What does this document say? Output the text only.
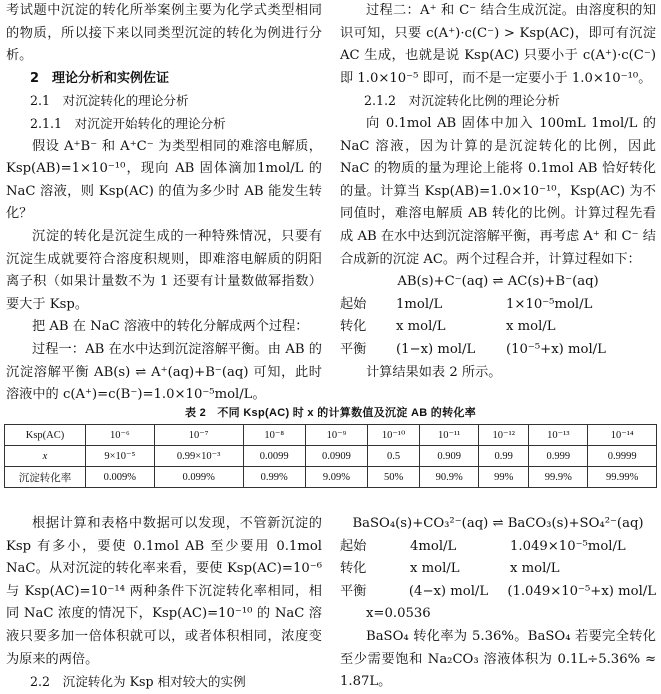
考试题中沉淀的转化所举案例主要为化学式类型相同的物质，所以接下来以同类型沉淀的转化为例进行分析。

2　理论分析和实例佐证

2.1　对沉淀转化的理论分析

2.1.1　对沉淀开始转化的理论分析

假设 A⁺B⁻ 和 A⁺C⁻ 为类型相同的难溶电解质，Ksp(AB)=1×10⁻¹⁰，现向 AB 固体滴加1mol/L 的 NaC 溶液，则 Ksp(AC) 的值为多少时 AB 能发生转化？

沉淀的转化是沉淀生成的一种特殊情况，只要有沉淀生成就要符合溶度积规则，即难溶电解质的阴阳离子积（如果计量数不为 1 还要有计量数做幂指数）要大于 Ksp。

把 AB 在 NaC 溶液中的转化分解成两个过程：

过程一：AB 在水中达到沉淀溶解平衡。由 AB 的沉淀溶解平衡 AB(s) ⇌ A⁺(aq)+B⁻(aq) 可知，此时溶液中的 c(A⁺)=c(B⁻)=1.0×10⁻⁵mol/L。

过程二：A⁺ 和 C⁻ 结合生成沉淀。由溶度积的知识可知，只要 c(A⁺)·c(C⁻) > Ksp(AC)，即可有沉淀 AC 生成，也就是说 Ksp(AC) 只要小于 c(A⁺)·c(C⁻) 即 1.0×10⁻⁵ 即可，而不是一定要小于 1.0×10⁻¹⁰。

2.1.2　对沉淀转化比例的理论分析

向 0.1mol AB 固体中加入 100mL 1mol/L 的 NaC 溶液，因为计算的是沉淀转化的比例，因此 NaC 的物质的量为理论上能将 0.1mol AB 恰好转化的量。计算当 Ksp(AB)=1.0×10⁻¹⁰，Ksp(AC) 为不同值时，难溶电解质 AB 转化的比例。计算过程先看成 AB 在水中达到沉淀溶解平衡，再考虑 A⁺ 和 C⁻ 结合成新的沉淀 AC。两个过程合并，计算过程如下：

AB(s)+C⁻(aq) ⇌ AC(s)+B⁻(aq)

起始	1mol/L	1×10⁻⁵mol/L
转化	x mol/L	x mol/L
平衡	(1−x) mol/L	(10⁻⁵+x) mol/L

计算结果如表 2 所示。

表 2　不同 Ksp(AC) 时 x 的计算数值及沉淀 AB 的转化率
Ksp(AC)	10⁻⁶	10⁻⁷	10⁻⁸	10⁻⁹	10⁻¹⁰	10⁻¹¹	10⁻¹²	10⁻¹³	10⁻¹⁴
x	9×10⁻⁵	0.99×10⁻³	0.0099	0.0909	0.5	0.909	0.99	0.999	0.9999
沉淀转化率	0.009%	0.099%	0.99%	9.09%	50%	90.9%	99%	99.9%	99.99%

根据计算和表格中数据可以发现，不管新沉淀的 Ksp 有多小，要使 0.1mol AB 至少要用 0.1mol NaC。从对沉淀的转化率来看，要使 Ksp(AC)=10⁻⁶ 与 Ksp(AC)=10⁻¹⁴ 两种条件下沉淀转化率相同，相同 NaC 浓度的情况下，Ksp(AC)=10⁻¹⁰ 的 NaC 溶液只要多加一倍体积就可以，或者体积相同，浓度变为原来的两倍。

2.2　沉淀转化为 Ksp 相对较大的实例

BaSO₄(s)+CO₃²⁻(aq) ⇌ BaCO₃(s)+SO₄²⁻(aq)

起始	4mol/L	1.049×10⁻⁵mol/L
转化	x mol/L	x mol/L
平衡	(4−x) mol/L	(1.049×10⁻⁵+x) mol/L

x=0.0536

BaSO₄ 转化率为 5.36%。BaSO₄ 若要完全转化至少需要饱和 Na₂CO₃ 溶液体积为 0.1L÷5.36% ≈ 1.87L。
